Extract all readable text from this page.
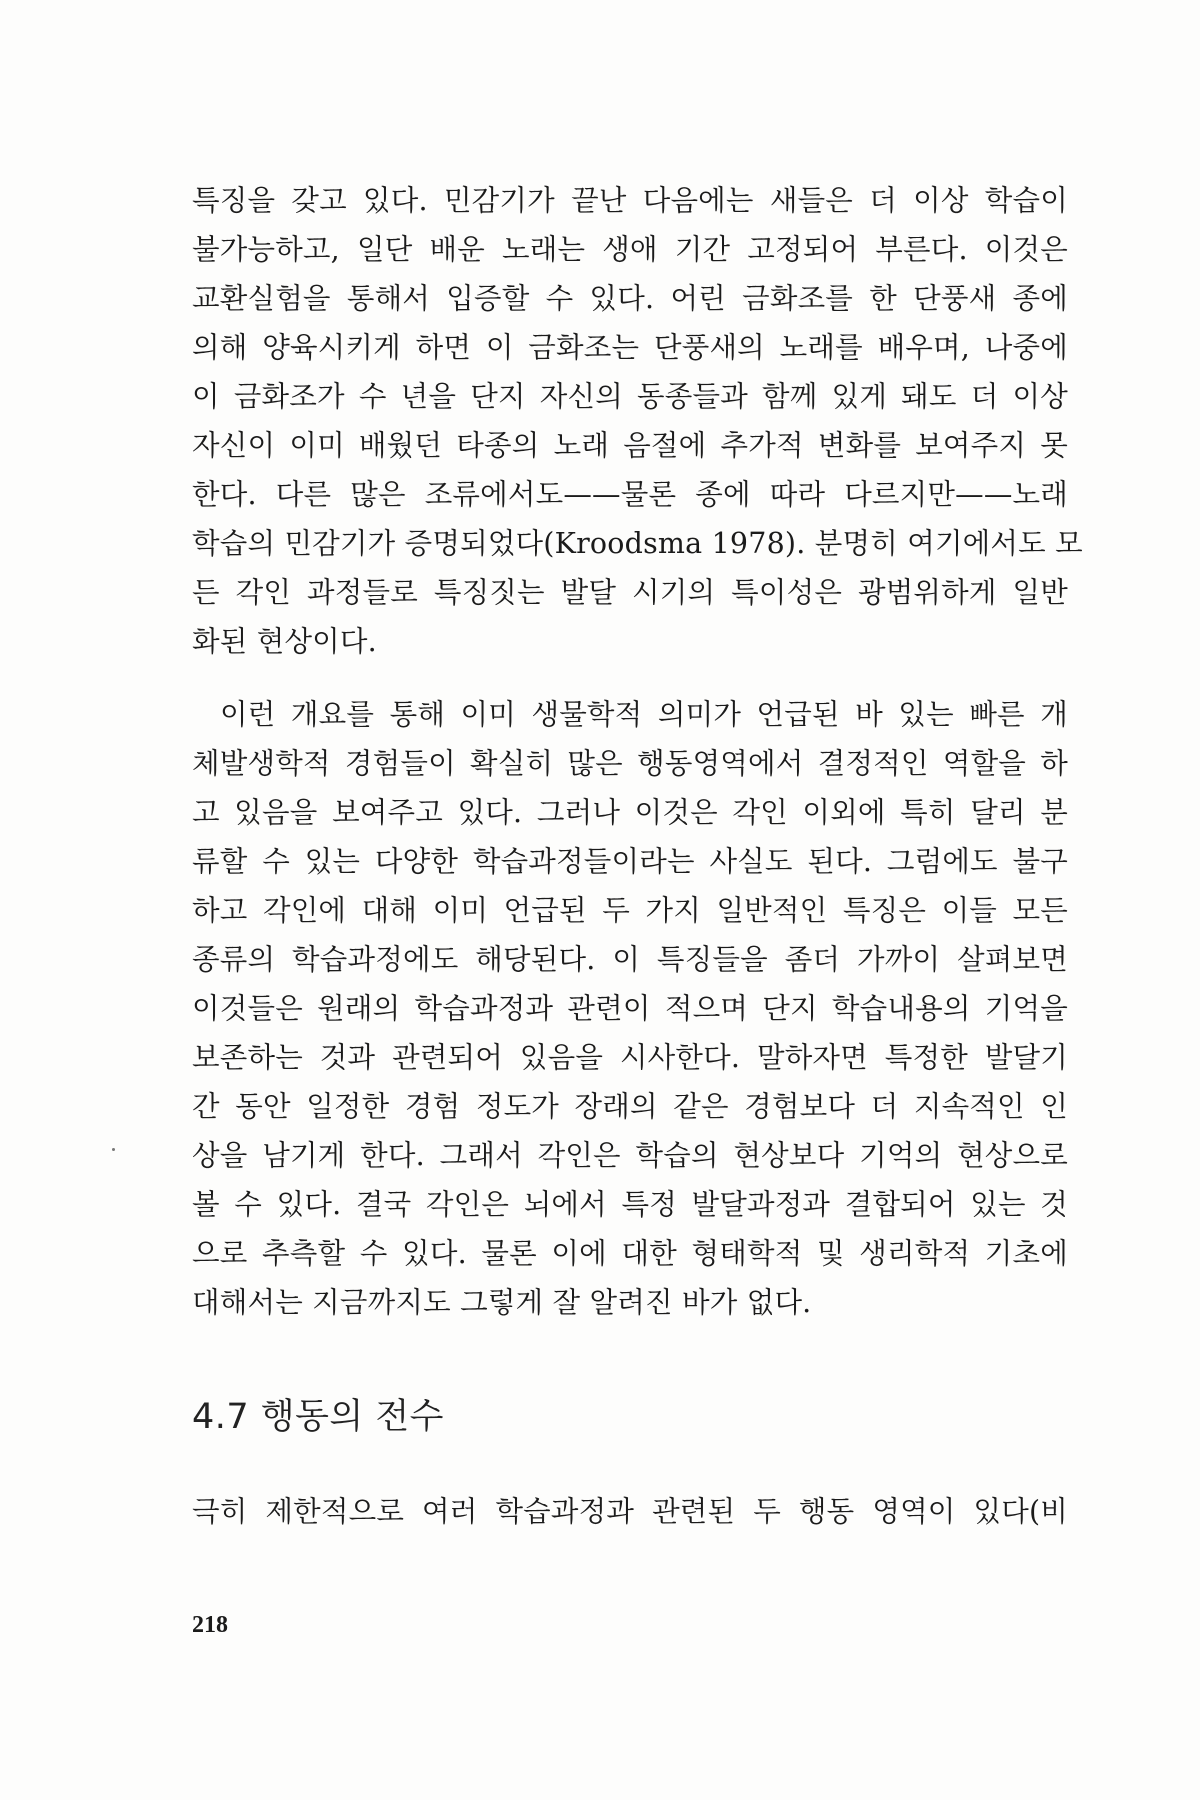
특징을 갖고 있다. 민감기가 끝난 다음에는 새들은 더 이상 학습이
불가능하고, 일단 배운 노래는 생애 기간 고정되어 부른다. 이것은
교환실험을 통해서 입증할 수 있다. 어린 금화조를 한 단풍새 종에
의해 양육시키게 하면 이 금화조는 단풍새의 노래를 배우며, 나중에
이 금화조가 수 년을 단지 자신의 동종들과 함께 있게 돼도 더 이상
자신이 이미 배웠던 타종의 노래 음절에 추가적 변화를 보여주지 못
한다. 다른 많은 조류에서도——물론 종에 따라 다르지만——노래
학습의 민감기가 증명되었다(Kroodsma 1978). 분명히 여기에서도 모
든 각인 과정들로 특징짓는 발달 시기의 특이성은 광범위하게 일반
화된 현상이다.
이런 개요를 통해 이미 생물학적 의미가 언급된 바 있는 빠른 개
체발생학적 경험들이 확실히 많은 행동영역에서 결정적인 역할을 하
고 있음을 보여주고 있다. 그러나 이것은 각인 이외에 특히 달리 분
류할 수 있는 다양한 학습과정들이라는 사실도 된다. 그럼에도 불구
하고 각인에 대해 이미 언급된 두 가지 일반적인 특징은 이들 모든
종류의 학습과정에도 해당된다. 이 특징들을 좀더 가까이 살펴보면
이것들은 원래의 학습과정과 관련이 적으며 단지 학습내용의 기억을
보존하는 것과 관련되어 있음을 시사한다. 말하자면 특정한 발달기
간 동안 일정한 경험 정도가 장래의 같은 경험보다 더 지속적인 인
상을 남기게 한다. 그래서 각인은 학습의 현상보다 기억의 현상으로
볼 수 있다. 결국 각인은 뇌에서 특정 발달과정과 결합되어 있는 것
으로 추측할 수 있다. 물론 이에 대한 형태학적 및 생리학적 기초에
대해서는 지금까지도 그렇게 잘 알려진 바가 없다.
4.7 행동의 전수
극히 제한적으로 여러 학습과정과 관련된 두 행동 영역이 있다(비
218
